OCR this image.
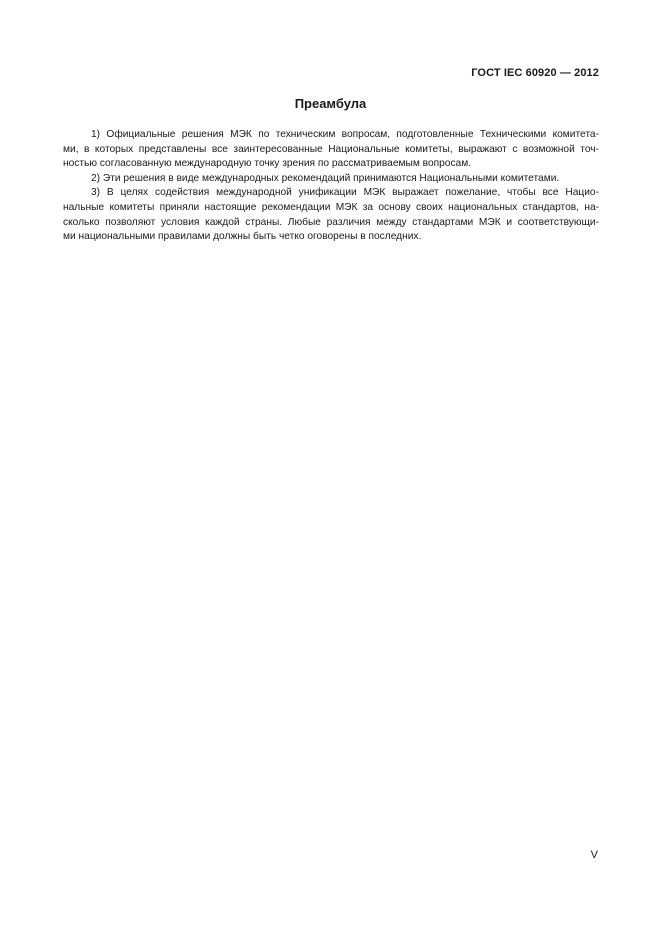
ГОСТ IEC 60920 — 2012
Преамбула
1) Официальные решения МЭК по техническим вопросам, подготовленные Техническими комитета-
ми, в которых представлены все заинтересованные Национальные комитеты, выражают с возможной точ-
ностью согласованную международную точку зрения по рассматриваемым вопросам.
2) Эти решения в виде международных рекомендаций принимаются Национальными комитетами.
3) В целях содействия международной унификации МЭК выражает пожелание, чтобы все Нацио-
нальные комитеты приняли настоящие рекомендации МЭК за основу своих национальных стандартов, на-
сколько позволяют условия каждой страны. Любые различия между стандартами МЭК и соответствующи-
ми национальными правилами должны быть четко оговорены в последних.
V
